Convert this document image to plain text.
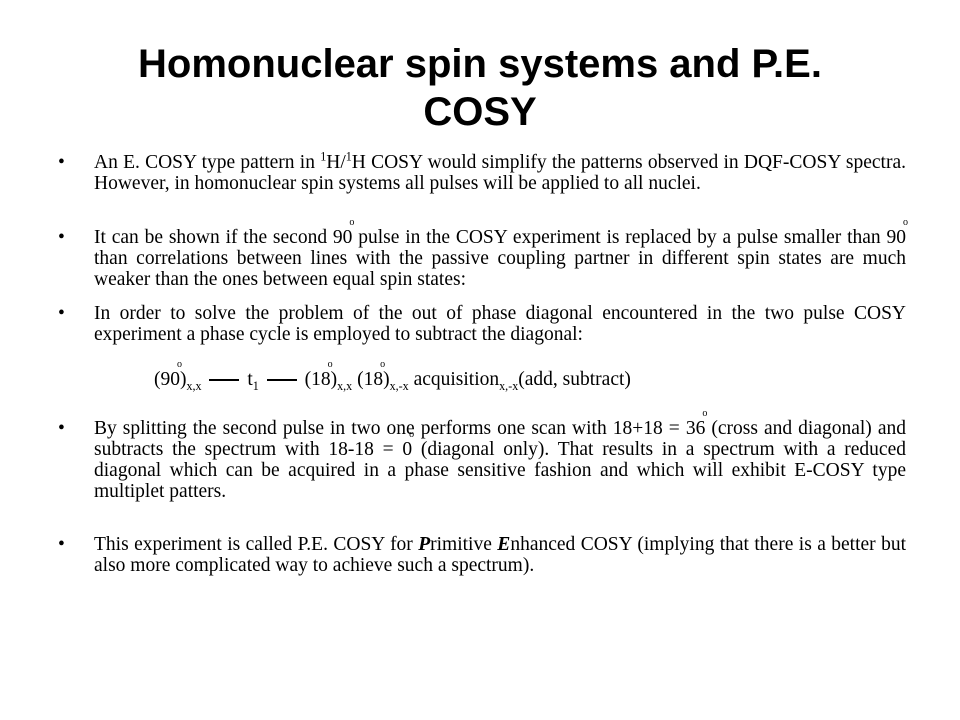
Homonuclear spin systems and P.E.
COSY
•	An E. COSY type pattern in $^1$H/$^1$H COSY would simplify the patterns observed in DQF-COSY spectra. However, in homonuclear spin systems all pulses will be applied to all nuclei.
•	It can be shown if the second 90 o pulse in the COSY experiment is replaced by a pulse smaller than 90 o than correlations between lines with the passive coupling partner in different spin states are much weaker than the ones between equal spin states:
•	In order to solve the problem of the out of phase diagonal encountered in the two pulse COSY experiment a phase cycle is employed to subtract the diagonal:
(90 $o)_{x,x}$ $t_1$ (18 $o)_{x,x}$ (18 $o)_{x,-x}$ acquisition$_{x,-x}$(add, subtract)
•	By splitting the second pulse in two one performs one scan with 18+18 = 36 o (cross and diagonal) and subtracts the spectrum with 18-18 = 0 o (diagonal only). That results in a spectrum with a reduced diagonal which can be acquired in a phase sensitive fashion and which will exhibit E-COSY type multiplet patters.
•	This experiment is called P.E. COSY for Primitive Enhanced COSY (implying that there is a better but also more complicated way to achieve such a spectrum).
